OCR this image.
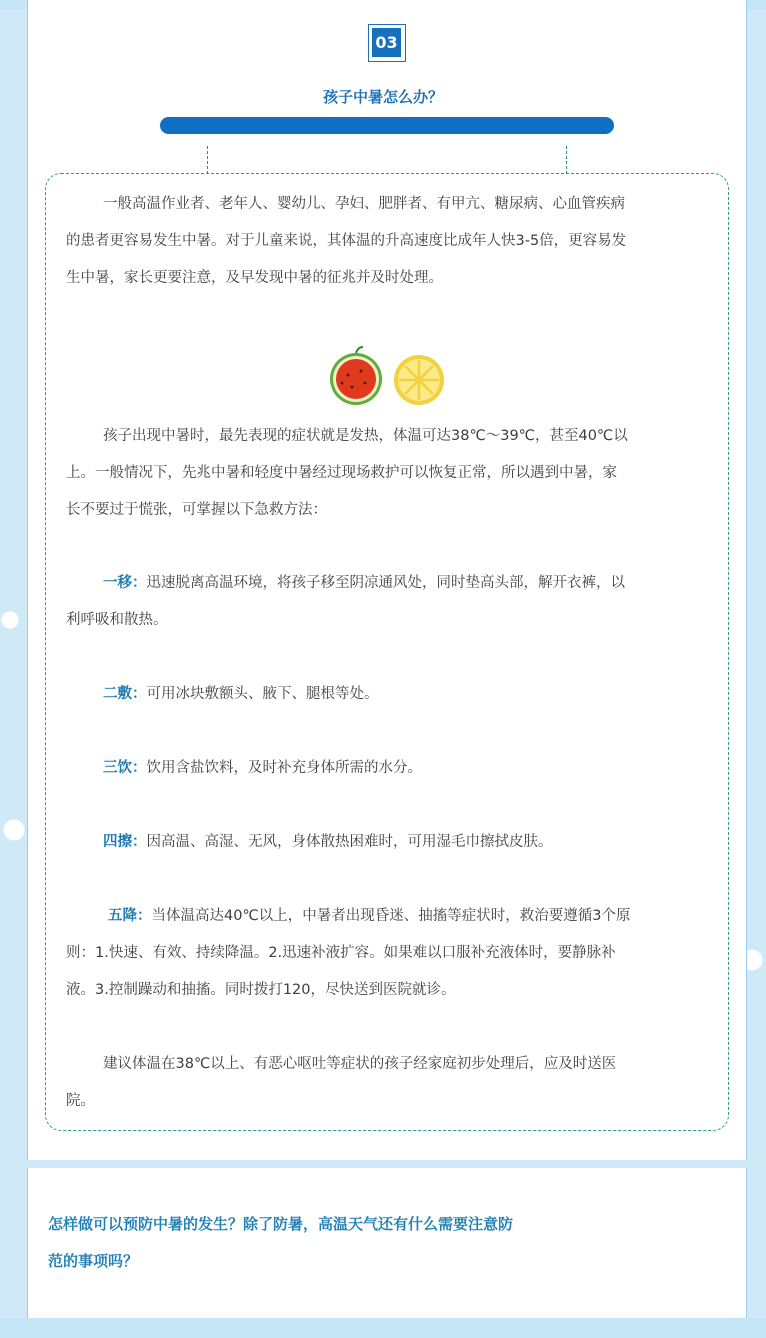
03
孩子中暑怎么办？
一般高温作业者、老年人、婴幼儿、孕妇、肥胖者、有甲亢、糖尿病、心血管疾病
的患者更容易发生中暑。对于儿童来说，其体温的升高速度比成年人快3-5倍，更容易发
生中暑，家长更要注意，及早发现中暑的征兆并及时处理。
孩子出现中暑时，最先表现的症状就是发热，体温可达38℃～39℃，甚至40℃以
上。一般情况下，先兆中暑和轻度中暑经过现场救护可以恢复正常，所以遇到中暑，家
长不要过于慌张，可掌握以下急救方法：
一移：迅速脱离高温环境，将孩子移至阴凉通风处，同时垫高头部，解开衣裤，以
利呼吸和散热。
二敷：可用冰块敷额头、腋下、腿根等处。
三饮：饮用含盐饮料，及时补充身体所需的水分。
四擦：因高温、高湿、无风，身体散热困难时，可用湿毛巾擦拭皮肤。
五降：当体温高达40℃以上，中暑者出现昏迷、抽搐等症状时，救治要遵循3个原
则：1.快速、有效、持续降温。2.迅速补液扩容。如果难以口服补充液体时，要静脉补
液。3.控制躁动和抽搐。同时拨打120，尽快送到医院就诊。
建议体温在38℃以上、有恶心呕吐等症状的孩子经家庭初步处理后，应及时送医
院。
怎样做可以预防中暑的发生？除了防暑，高温天气还有什么需要注意防
范的事项吗？
